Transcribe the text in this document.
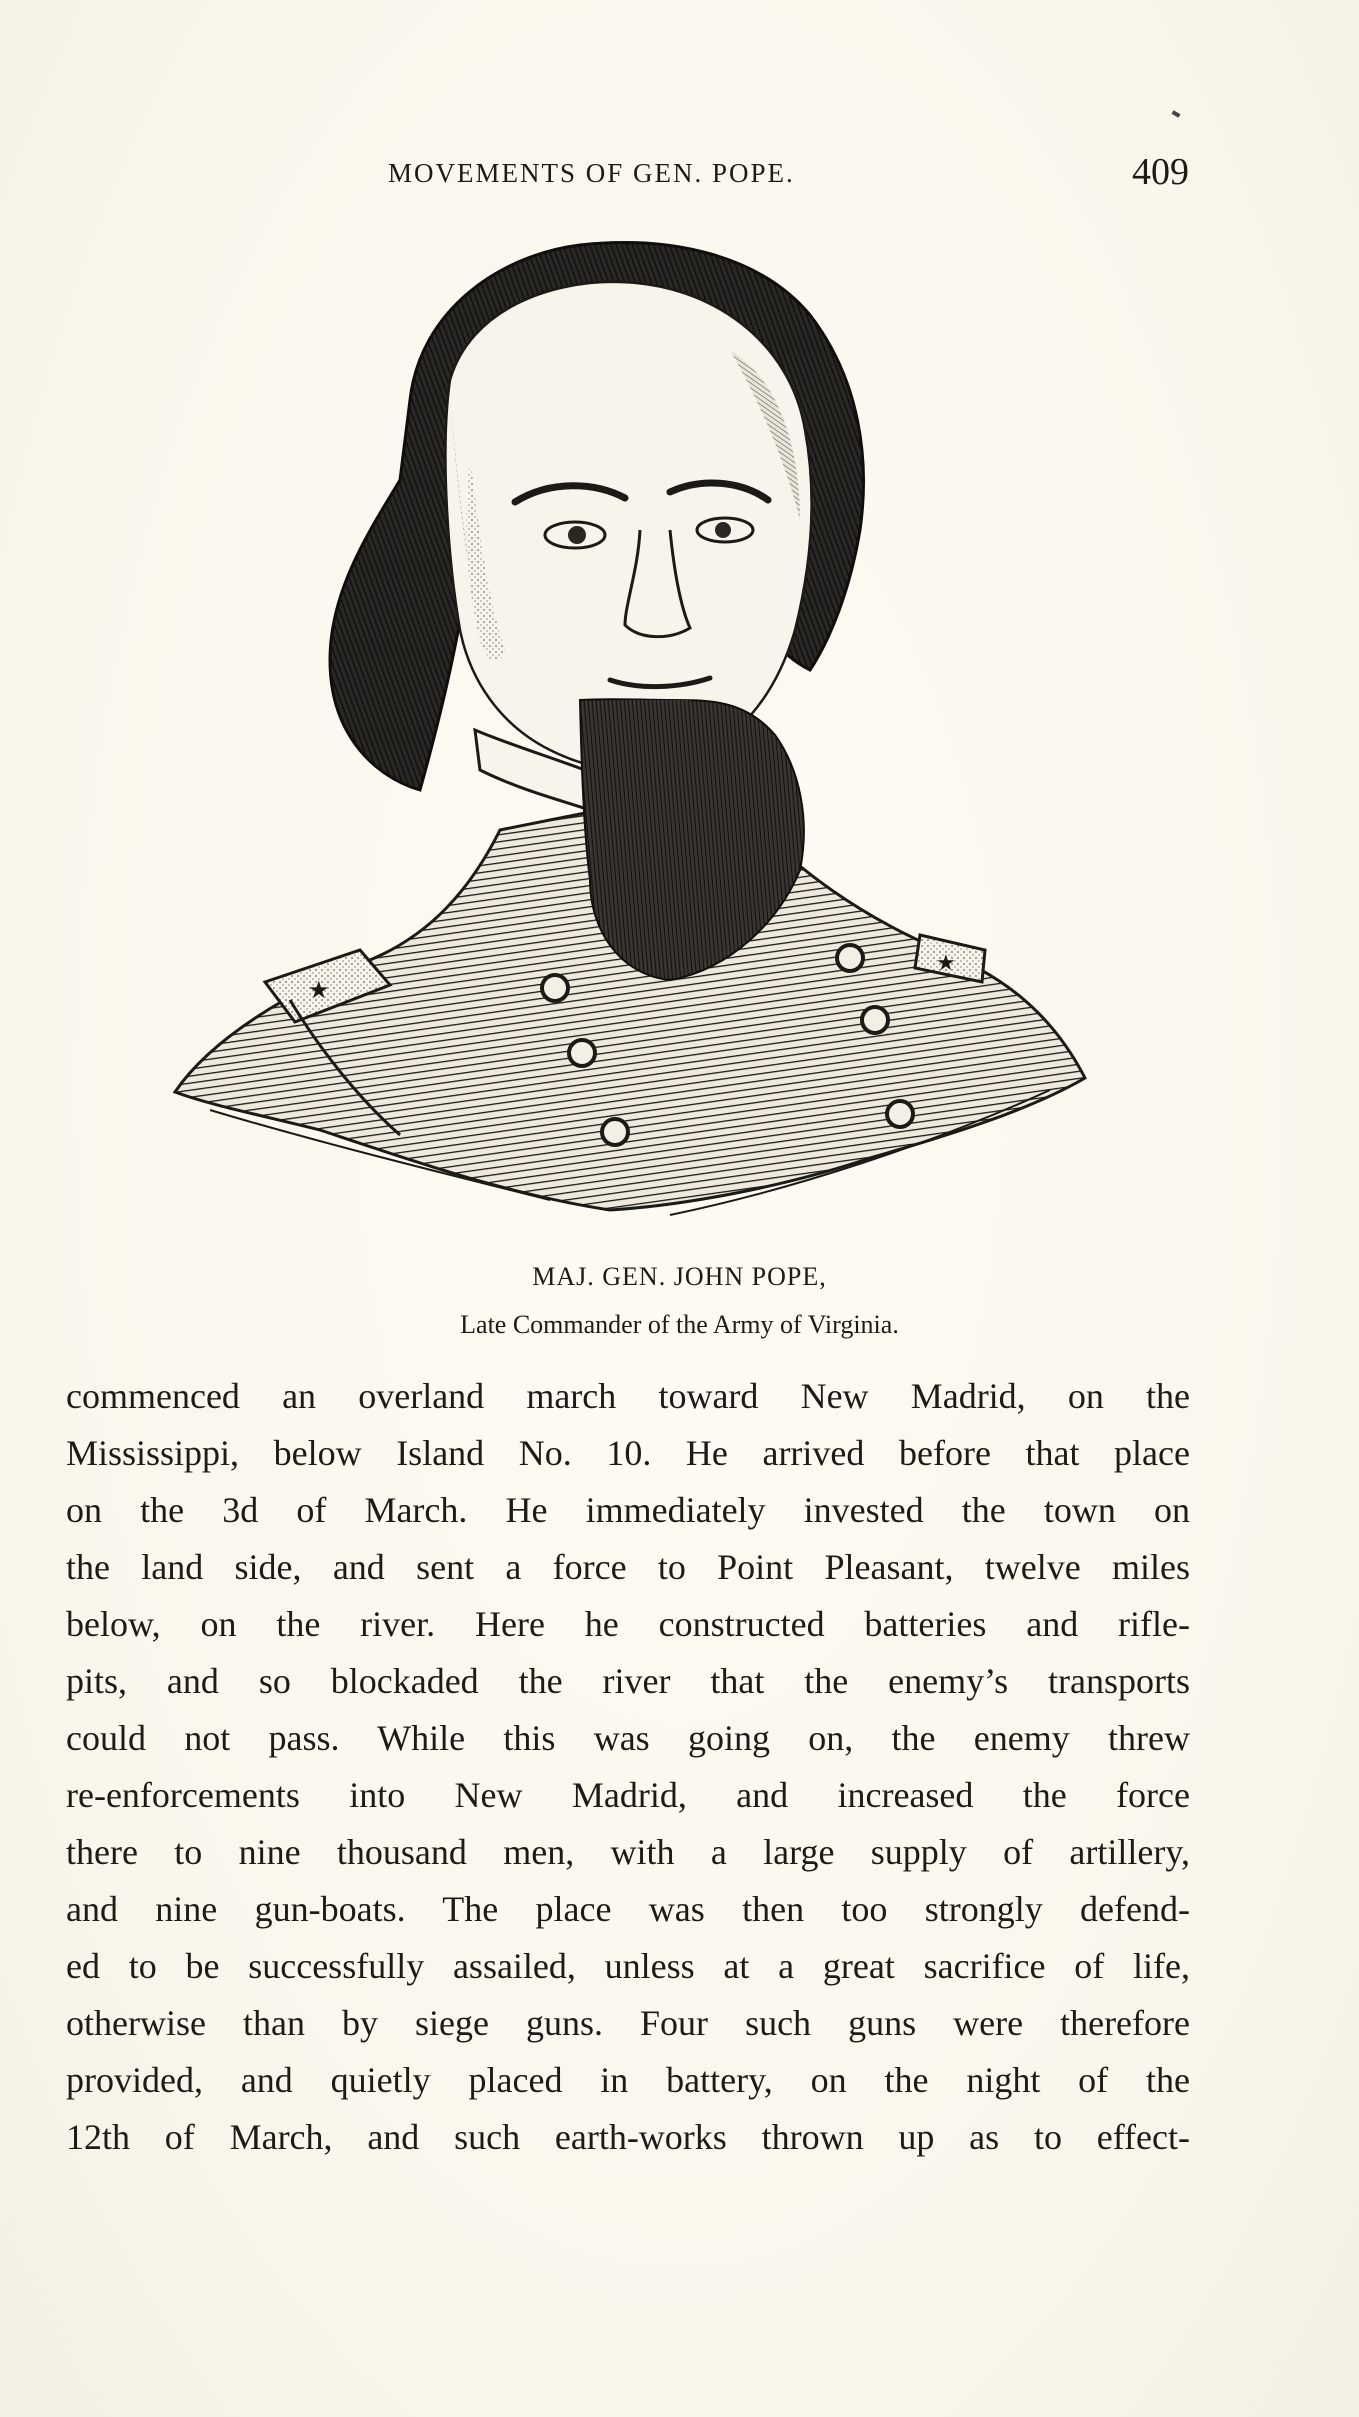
MOVEMENTS OF GEN. POPE.	409
★
★
MAJ. GEN. JOHN POPE,
Late Commander of the Army of Virginia.
commenced an overland march toward New Madrid, on the
Mississippi, below Island No. 10. He arrived before that place
on the 3d of March. He immediately invested the town on
the land side, and sent a force to Point Pleasant, twelve miles
below, on the river. Here he constructed batteries and rifle-
pits, and so blockaded the river that the enemy’s transports
could not pass. While this was going on, the enemy threw
re-enforcements into New Madrid, and increased the force
there to nine thousand men, with a large supply of artillery,
and nine gun-boats. The place was then too strongly defend-
ed to be successfully assailed, unless at a great sacrifice of life,
otherwise than by siege guns. Four such guns were therefore
provided, and quietly placed in battery, on the night of the
12th of March, and such earth-works thrown up as to effect-
